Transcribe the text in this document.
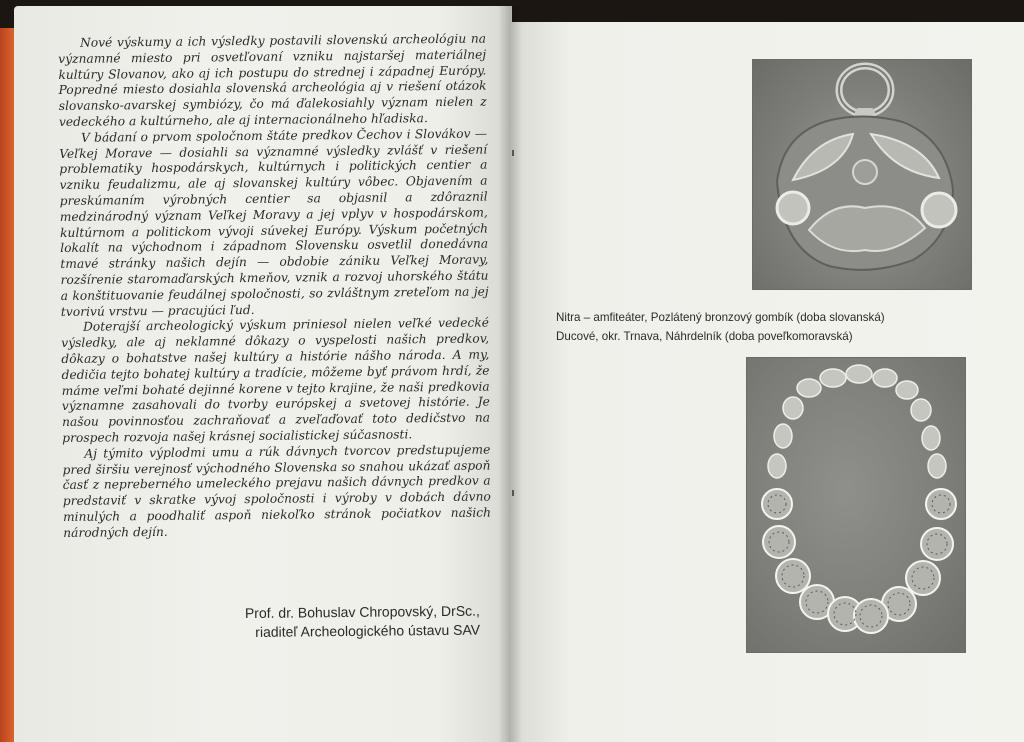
Nové výskumy a ich výsledky postavili slovenskú archeológiu na významné miesto pri osvetľovaní vzniku najstaršej materiálnej kultúry Slovanov, ako aj ich postupu do strednej i západnej Európy. Popredné miesto dosiahla slovenská archeológia aj v riešení otázok slovansko-avarskej symbiózy, čo má ďalekosiahly význam nielen z vedeckého a kultúrneho, ale aj internacionálneho hľadiska.

V bádaní o prvom spoločnom štáte predkov Čechov i Slovákov — Veľkej Morave — dosiahli sa významné výsledky zvlášť v riešení problematiky hospodárskych, kultúrnych i politických centier a vzniku feudalizmu, ale aj slovanskej kultúry vôbec. Objavením a preskúmaním výrobných centier sa objasnil a zdôraznil medzinárodný význam Veľkej Moravy a jej vplyv v hospodárskom, kultúrnom a politickom vývoji súvekej Európy. Výskum početných lokalít na východnom i západnom Slovensku osvetlil donedávna tmavé stránky našich dejín — obdobie zániku Veľkej Moravy, rozšírenie staromaďarských kmeňov, vznik a rozvoj uhorského štátu a konštituovanie feudálnej spoločnosti, so zvláštnym zreteľom na jej tvorivú vrstvu — pracujúci ľud.

Doterajší archeologický výskum priniesol nielen veľké vedecké výsledky, ale aj neklamné dôkazy o vyspelosti našich predkov, dôkazy o bohatstve našej kultúry a histórie nášho národa. A my, dedičia tejto bohatej kultúry a tradície, môžeme byť právom hrdí, že máme veľmi bohaté dejinné korene v tejto krajine, že naši predkovia významne zasahovali do tvorby európskej a svetovej histórie. Je našou povinnosťou zachraňovať a zveľaďovať toto dedičstvo na prospech rozvoja našej krásnej socialistickej súčasnosti.

Aj týmito výplodmi umu a rúk dávnych tvorcov predstupujeme pred širšiu verejnosť východného Slovenska so snahou ukázať aspoň časť z nepreberného umeleckého prejavu našich dávnych predkov a predstaviť v skratke vývoj spoločnosti i výroby v dobách dávno minulých a poodhaliť aspoň niekoľko stránok počiatkov našich národných dejín.

Prof. dr. Bohuslav Chropovský, DrSc.,
riaditeľ Archeologického ústavu SAV
Nitra – amfiteáter, Pozlátený bronzový gombík (doba slovanská)
Ducové, okr. Trnava, Náhrdelník (doba poveľkomoravská)
